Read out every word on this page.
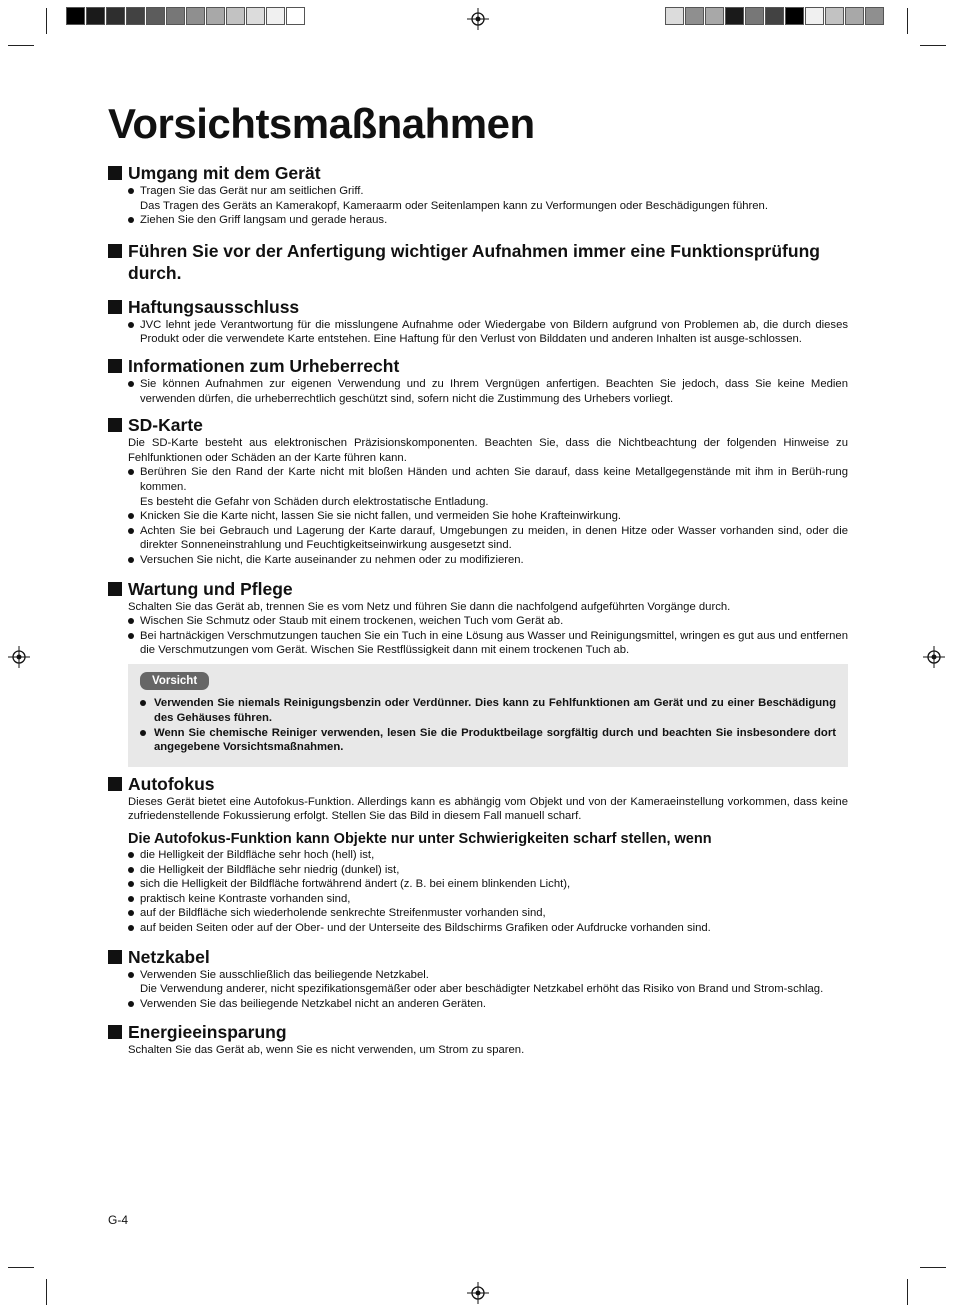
Vorsichtsmaßnahmen
Umgang mit dem Gerät
Tragen Sie das Gerät nur am seitlichen Griff.
Das Tragen des Geräts an Kamerakopf, Kameraarm oder Seitenlampen kann zu Verformungen oder Beschädigungen führen.
Ziehen Sie den Griff langsam und gerade heraus.
Führen Sie vor der Anfertigung wichtiger Aufnahmen immer eine Funktionsprüfung durch.
Haftungsausschluss
JVC lehnt jede Verantwortung für die misslungene Aufnahme oder Wiedergabe von Bildern aufgrund von Problemen ab, die durch dieses Produkt oder die verwendete Karte entstehen. Eine Haftung für den Verlust von Bilddaten und anderen Inhalten ist ausge-schlossen.
Informationen zum Urheberrecht
Sie können Aufnahmen zur eigenen Verwendung und zu Ihrem Vergnügen anfertigen. Beachten Sie jedoch, dass Sie keine Medien verwenden dürfen, die urheberrechtlich geschützt sind, sofern nicht die Zustimmung des Urhebers vorliegt.
SD-Karte

Die SD-Karte besteht aus elektronischen Präzisionskomponenten. Beachten Sie, dass die Nichtbeachtung der folgenden Hinweise zu Fehlfunktionen oder Schäden an der Karte führen kann.

Berühren Sie den Rand der Karte nicht mit bloßen Händen und achten Sie darauf, dass keine Metallgegenstände mit ihm in Berüh-rung kommen.
Es besteht die Gefahr von Schäden durch elektrostatische Entladung.
Knicken Sie die Karte nicht, lassen Sie sie nicht fallen, und vermeiden Sie hohe Krafteinwirkung.
Achten Sie bei Gebrauch und Lagerung der Karte darauf, Umgebungen zu meiden, in denen Hitze oder Wasser vorhanden sind, oder die direkter Sonneneinstrahlung und Feuchtigkeitseinwirkung ausgesetzt sind.
Versuchen Sie nicht, die Karte auseinander zu nehmen oder zu modifizieren.
Wartung und Pflege

Schalten Sie das Gerät ab, trennen Sie es vom Netz und führen Sie dann die nachfolgend aufgeführten Vorgänge durch.

Wischen Sie Schmutz oder Staub mit einem trockenen, weichen Tuch vom Gerät ab.
Bei hartnäckigen Verschmutzungen tauchen Sie ein Tuch in eine Lösung aus Wasser und Reinigungsmittel, wringen es gut aus und entfernen die Verschmutzungen vom Gerät. Wischen Sie Restflüssigkeit dann mit einem trockenen Tuch ab.
Vorsicht
Verwenden Sie niemals Reinigungsbenzin oder Verdünner. Dies kann zu Fehlfunktionen am Gerät und zu einer Beschädigung des Gehäuses führen.
Wenn Sie chemische Reiniger verwenden, lesen Sie die Produktbeilage sorgfältig durch und beachten Sie insbesondere dort angegebene Vorsichtsmaßnahmen.
Autofokus

Dieses Gerät bietet eine Autofokus-Funktion. Allerdings kann es abhängig vom Objekt und von der Kameraeinstellung vorkommen, dass keine zufriedenstellende Fokussierung erfolgt. Stellen Sie das Bild in diesem Fall manuell scharf.

Die Autofokus-Funktion kann Objekte nur unter Schwierigkeiten scharf stellen, wenn
die Helligkeit der Bildfläche sehr hoch (hell) ist,
die Helligkeit der Bildfläche sehr niedrig (dunkel) ist,
sich die Helligkeit der Bildfläche fortwährend ändert (z. B. bei einem blinkenden Licht),
praktisch keine Kontraste vorhanden sind,
auf der Bildfläche sich wiederholende senkrechte Streifenmuster vorhanden sind,
auf beiden Seiten oder auf der Ober- und der Unterseite des Bildschirms Grafiken oder Aufdrucke vorhanden sind.
Netzkabel
Verwenden Sie ausschließlich das beiliegende Netzkabel.
Die Verwendung anderer, nicht spezifikationsgemäßer oder aber beschädigter Netzkabel erhöht das Risiko von Brand und Strom-schlag.
Verwenden Sie das beiliegende Netzkabel nicht an anderen Geräten.
Energieeinsparung

Schalten Sie das Gerät ab, wenn Sie es nicht verwenden, um Strom zu sparen.

G-4
